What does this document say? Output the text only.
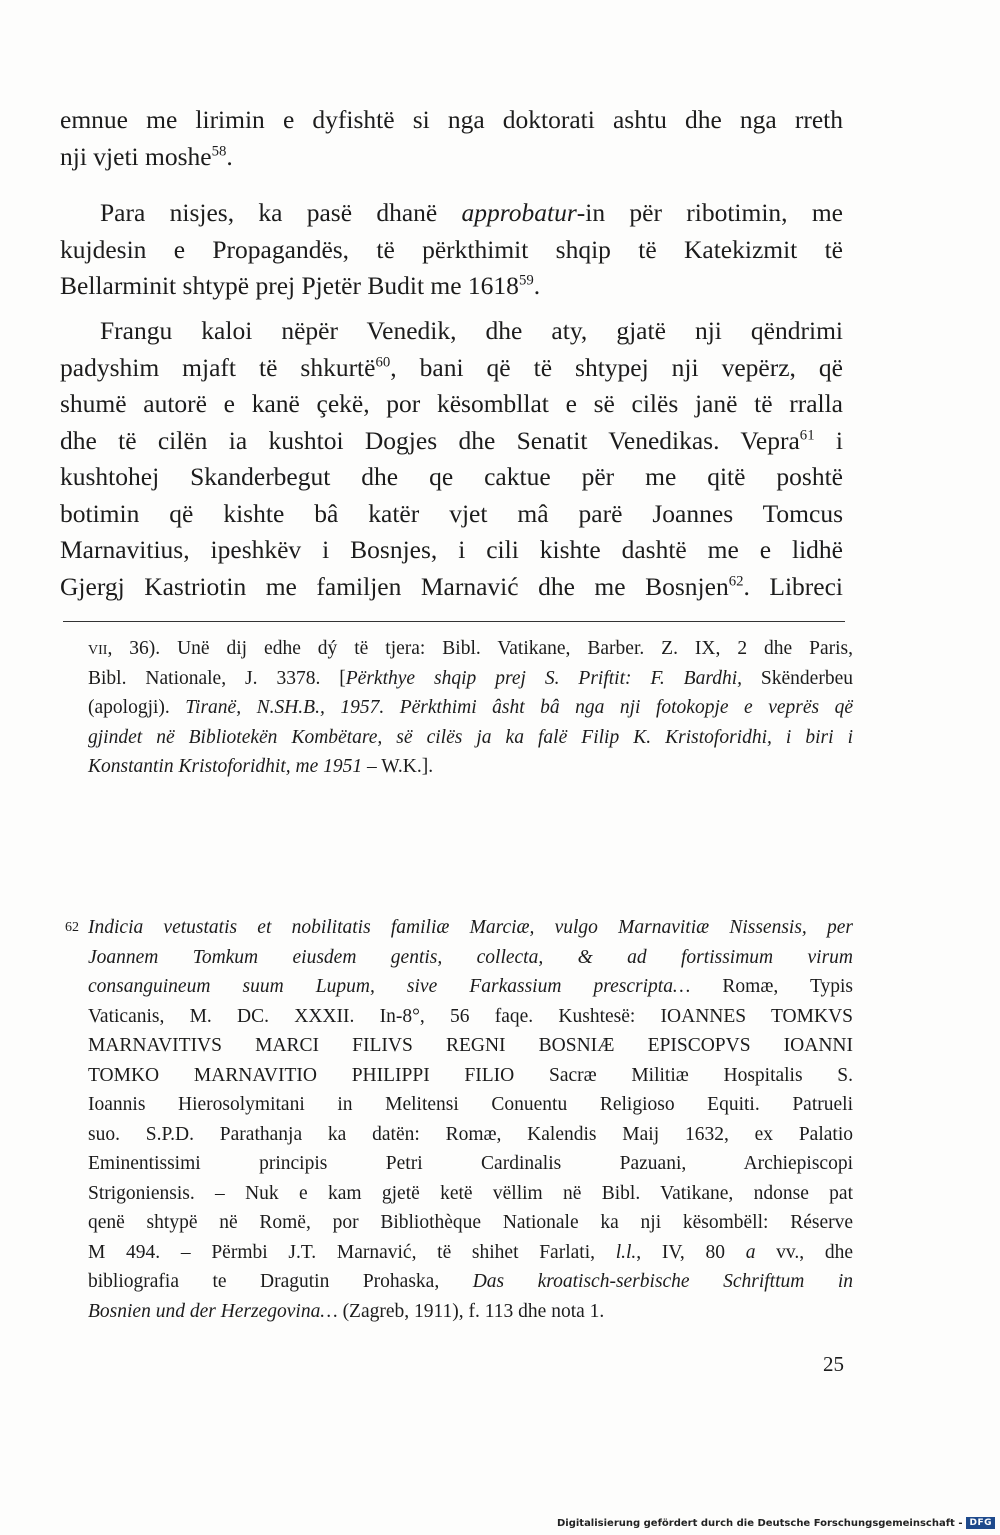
emnue me lirimin e dyfishtë si nga doktorati ashtu dhe nga rreth
nji vjeti moshe$^{58}$.
Para nisjes, ka pasë dhanë approbatur-in për ribotimin, me
kujdesin e Propagandës, të përkthimit shqip të Katekizmit të
Bellarminit shtypë prej Pjetër Budit me 1618$^{59}$.
Frangu kaloi nëpër Venedik, dhe aty, gjatë nji qëndrimi
padyshim mjaft të shkurtë$^{60}$, bani që të shtypej nji vepërz, që
shumë autorë e kanë çekë, por kësombllat e së cilës janë të rralla
dhe të cilën ia kushtoi Dogjes dhe Senatit Venedikas. Vepra$^{61}$ i
kushtohej Skanderbegut dhe qe caktue për me qitë poshtë
botimin që kishte bâ katër vjet mâ parë Joannes Tomcus
Marnavitius, ipeshkëv i Bosnjes, i cili kishte dashtë me e lidhë
Gjergj Kastriotin me familjen Marnavić dhe me Bosnjen$^{62}$. Libreci
vii, 36). Unë dij edhe dý të tjera: Bibl. Vatikane, Barber. Z. IX, 2 dhe Paris,
Bibl. Nationale, J. 3378. [Përkthye shqip prej S. Priftit: F. Bardhi, Skënderbeu
(apologji). Tiranë, N.SH.B., 1957. Përkthimi âsht bâ nga nji fotokopje e veprës që
gjindet në Bibliotekën Kombëtare, së cilës ja ka falë Filip K. Kristoforidhi, i biri i
Konstantin Kristoforidhit, me 1951 – W.K.].
62 Indicia vetustatis et nobilitatis familiæ Marciæ, vulgo Marnavitiæ Nissensis, per
Joannem Tomkum eiusdem gentis, collecta, & ad fortissimum virum
consanguineum suum Lupum, sive Farkassium prescripta… Romæ, Typis
Vaticanis, M. DC. XXXII. In-8°, 56 faqe. Kushtesë: IOANNES TOMKVS
MARNAVITIVS MARCI FILIVS REGNI BOSNIÆ EPISCOPVS IOANNI
TOMKO MARNAVITIO PHILIPPI FILIO Sacræ Militiæ Hospitalis S.
Ioannis Hierosolymitani in Melitensi Conuentu Religioso Equiti. Patrueli
suo. S.P.D. Parathanja ka datën: Romæ, Kalendis Maij 1632, ex Palatio
Eminentissimi principis Petri Cardinalis Pazuani, Archiepiscopi
Strigoniensis. – Nuk e kam gjetë ketë vëllim në Bibl. Vatikane, ndonse pat
qenë shtypë në Romë, por Bibliothèque Nationale ka nji kësombëll: Réserve
M 494. – Përmbi J.T. Marnavić, të shihet Farlati, l.l., IV, 80 a vv., dhe
bibliografia te Dragutin Prohaska, Das kroatisch-serbische Schrifttum in
Bosnien und der Herzegovina… (Zagreb, 1911), f. 113 dhe nota 1.
25
Digitalisierung gefördert durch die Deutsche Forschungsgemeinschaft - DFG
